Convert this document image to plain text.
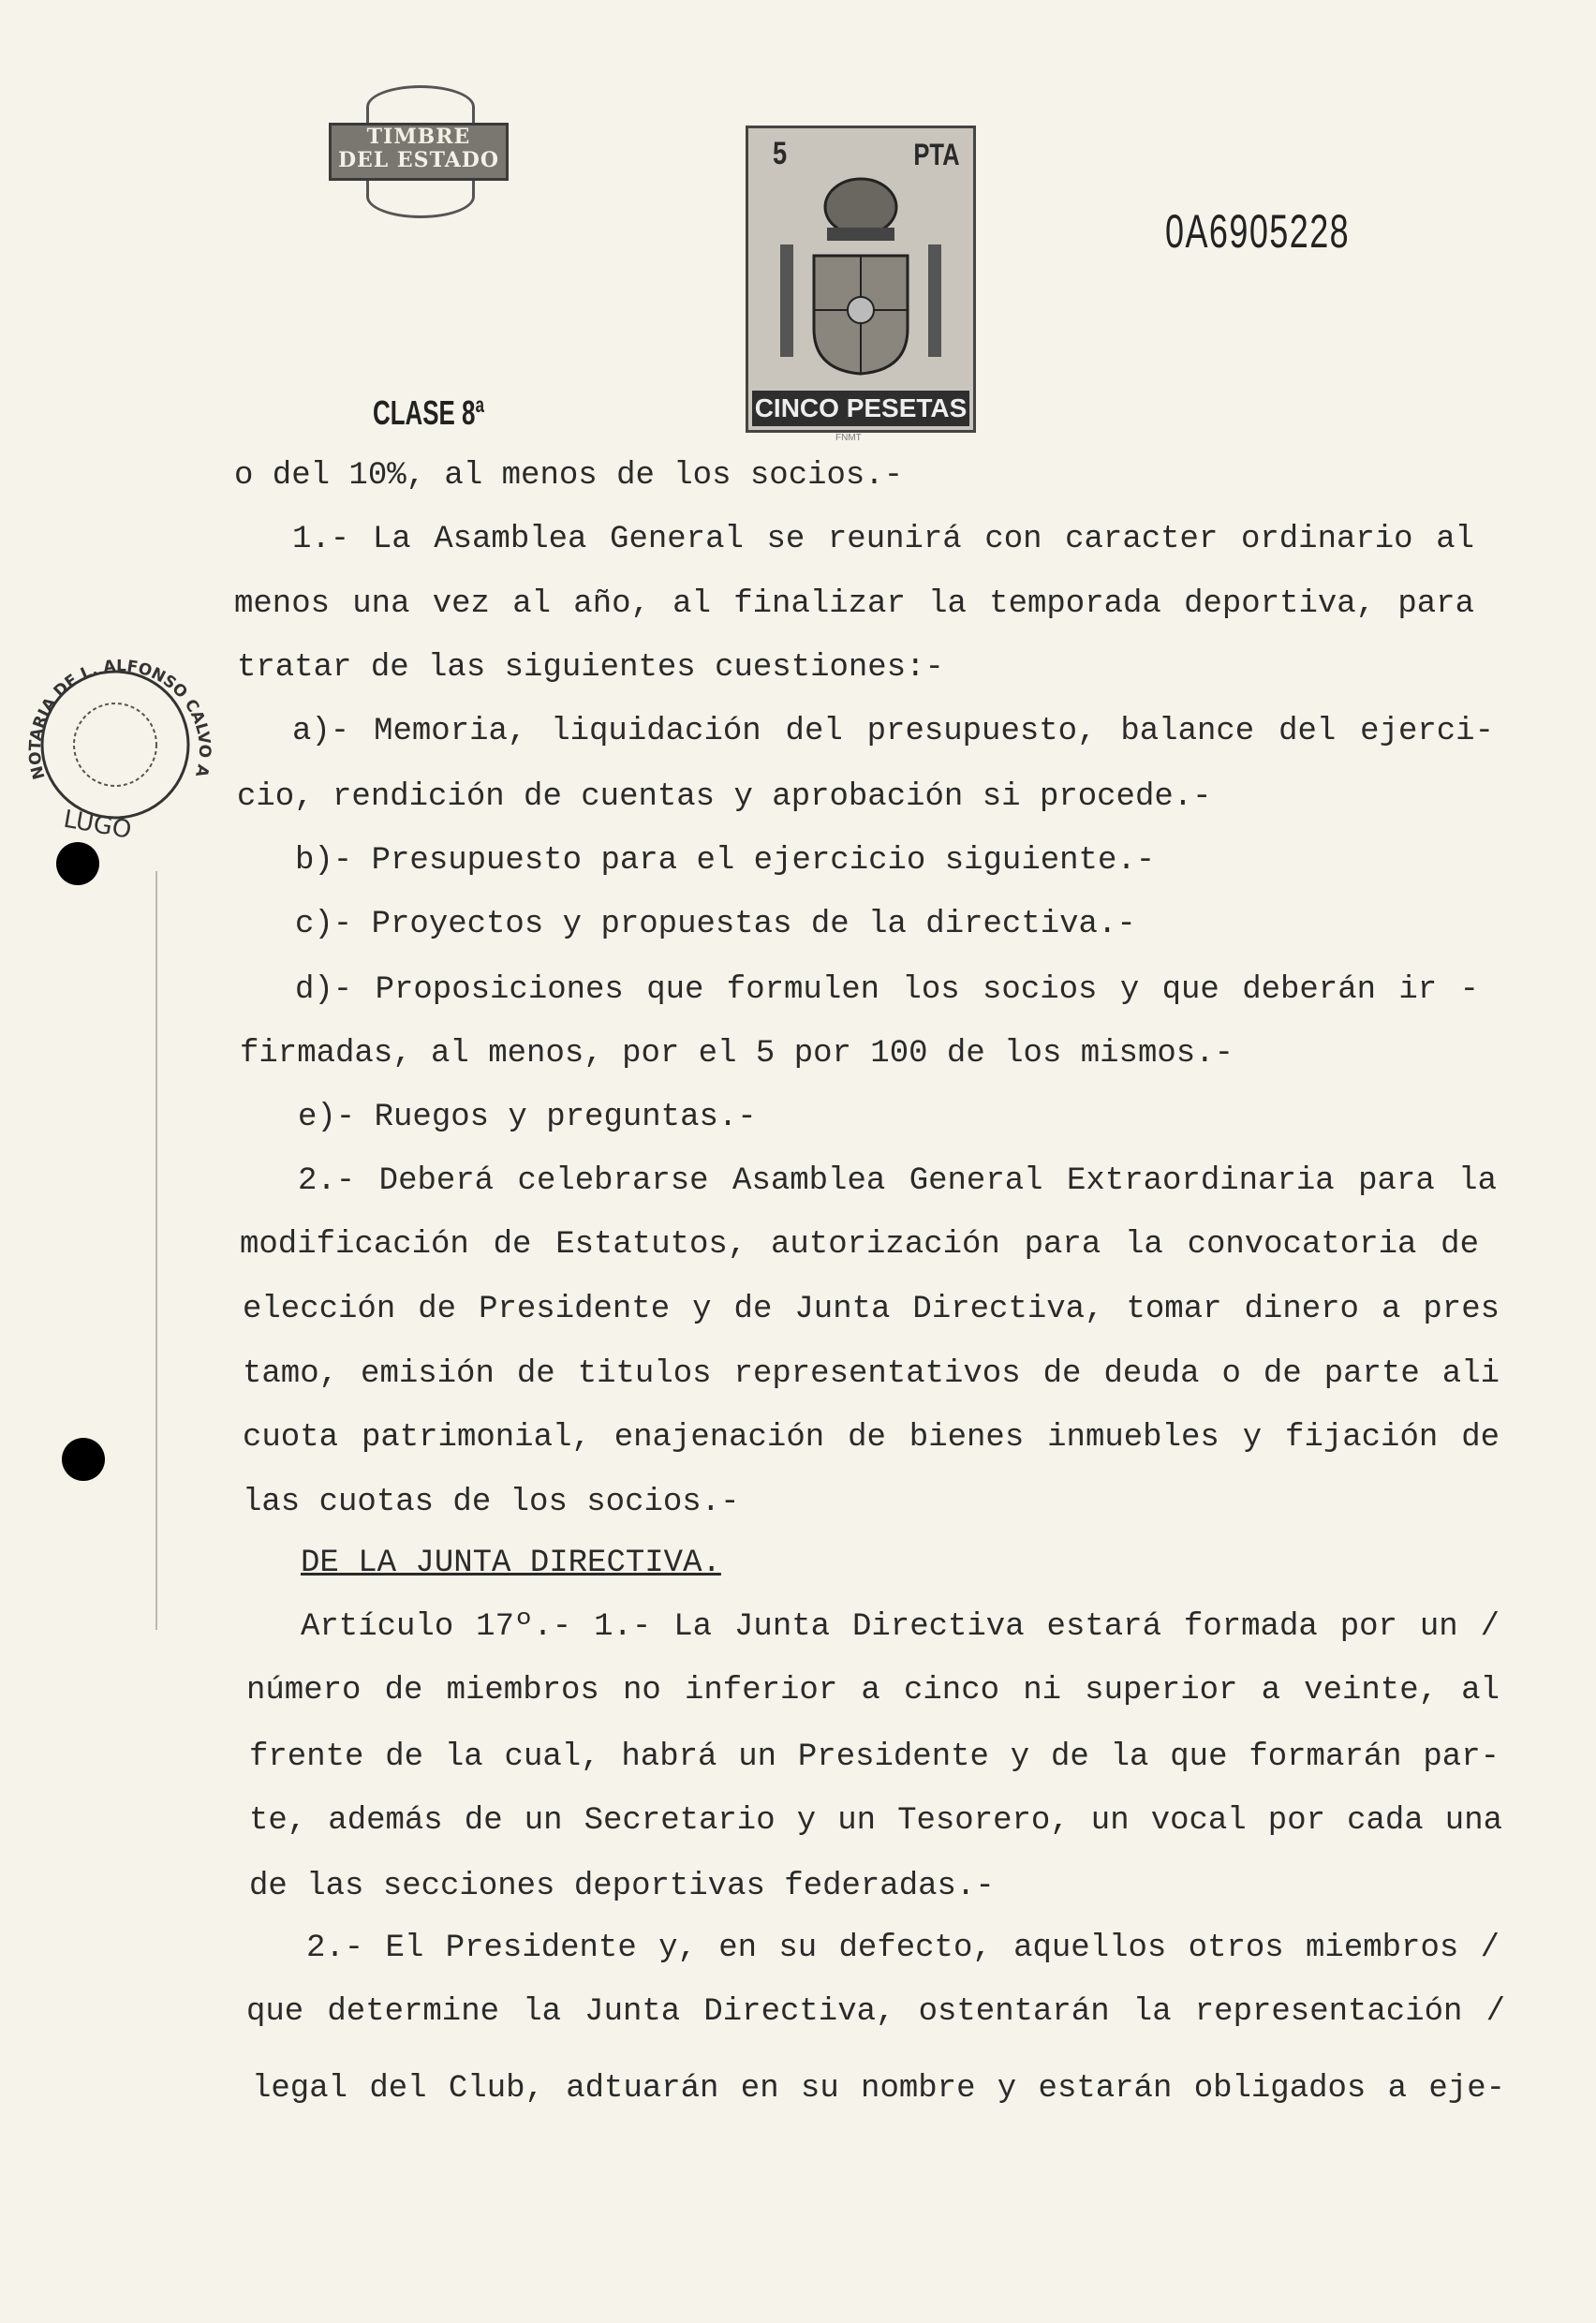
TIMBRE
DEL ESTADO	5	PTA
CINCO PESETAS
FNMT
0A6905228
CLASE 8ª
NOTARIA DE L. ALFONSO CALVO A
LUGO
o del 10%, al menos de los socios.-
1.- La Asamblea General se reunirá con caracter ordinario al
menos una vez al año, al finalizar la temporada deportiva, para
tratar de las siguientes cuestiones:-
a)- Memoria, liquidación del presupuesto, balance del ejerci-
cio, rendición de cuentas y aprobación si procede.-
b)- Presupuesto para el ejercicio siguiente.-
c)- Proyectos y propuestas de la directiva.-
d)- Proposiciones que formulen los socios y que deberán ir -
firmadas, al menos, por el 5 por 100 de los mismos.-
e)- Ruegos y preguntas.-
2.- Deberá celebrarse Asamblea General Extraordinaria para la
modificación de Estatutos, autorización para la convocatoria de
elección de Presidente y de Junta Directiva, tomar dinero a pres
tamo, emisión de titulos representativos de deuda o de parte ali
cuota patrimonial, enajenación de bienes inmuebles y fijación de
las cuotas de los socios.-
DE LA JUNTA DIRECTIVA.
Artículo 17º.- 1.- La Junta Directiva estará formada por un /
número de miembros no inferior a cinco ni superior a veinte, al
frente de la cual, habrá un Presidente y de la que formarán par-
te, además de un Secretario y un Tesorero, un vocal por cada una
de las secciones deportivas federadas.-
2.- El Presidente y, en su defecto, aquellos otros miembros /
que determine la Junta Directiva, ostentarán la representación /
legal del Club, adtuarán en su nombre y estarán obligados a eje-
